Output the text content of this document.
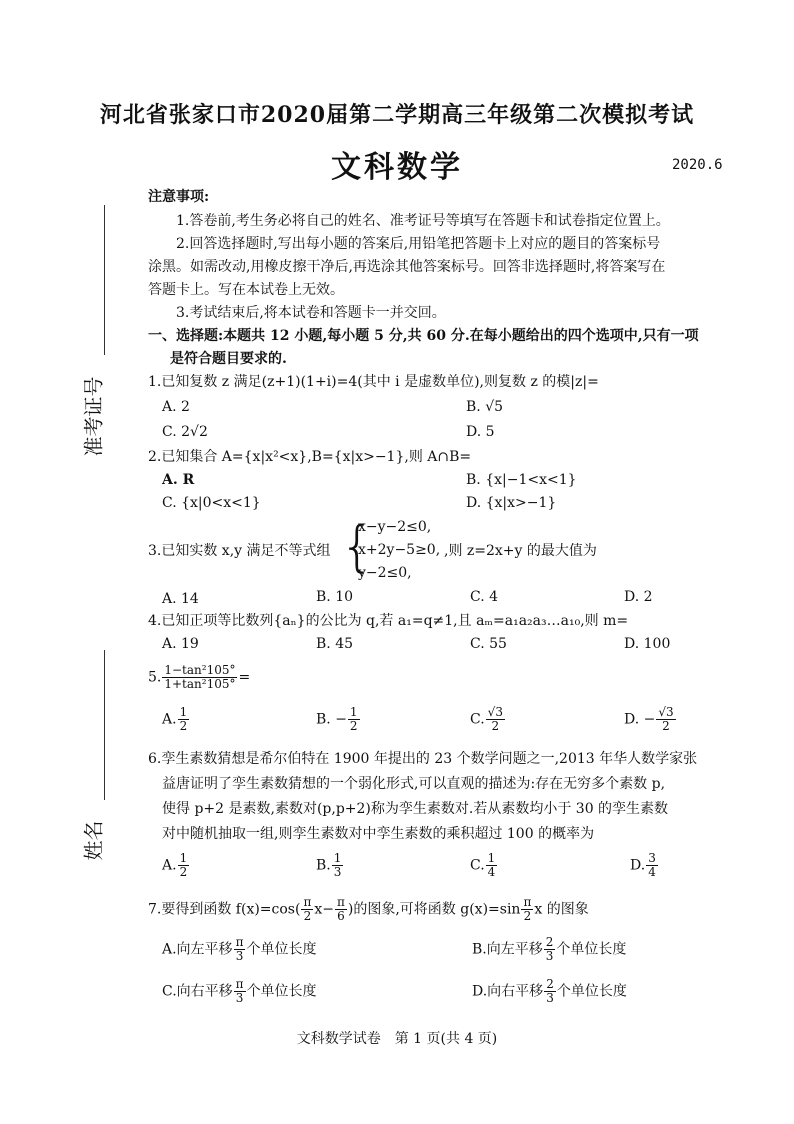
河北省张家口市2020届第二学期高三年级第二次模拟考试
文科数学	2020.6
准考证号
姓名
注意事项:
1.答卷前,考生务必将自己的姓名、准考证号等填写在答题卡和试卷指定位置上。
2.回答选择题时,写出每小题的答案后,用铅笔把答题卡上对应的题目的答案标号
涂黑。如需改动,用橡皮擦干净后,再选涂其他答案标号。回答非选择题时,将答案写在
答题卡上。写在本试卷上无效。
3.考试结束后,将本试卷和答题卡一并交回。
一、选择题:本题共 12 小题,每小题 5 分,共 60 分.在每小题给出的四个选项中,只有一项
是符合题目要求的.
1.已知复数 z 满足(z+1)(1+i)=4(其中 i 是虚数单位),则复数 z 的模|z|=
A. 2	B. √5
C. 2√2	D. 5
2.已知集合 A={x|x²<x},B={x|x>−1},则 A∩B=
A. R	B. {x|−1<x<1}
C. {x|0<x<1}	D. {x|x>−1}
3.已知实数 x,y 满足不等式组 {
x−y−2≤0,
x+2y−5≥0,
y−2≤0,
,则 z=2x+y 的最大值为
A. 14	B. 10	C. 4	D. 2
4.已知正项等比数列{aₙ}的公比为 q,若 a₁=q≠1,且 aₘ=a₁a₂a₃…a₁₀,则 m=
A. 19	B. 45	C. 55	D. 100
5. $\frac{\text{1−tan²105°}}{\text{1+tan²105°}}$ =
A. $\frac{1}{2}$	B. − $\frac{1}{2}$	C. $\frac{√3}{2}$	D. − $\frac{√3}{2}$
6.孪生素数猜想是希尔伯特在 1900 年提出的 23 个数学问题之一,2013 年华人数学家张
益唐证明了孪生素数猜想的一个弱化形式,可以直观的描述为:存在无穷多个素数 p,
使得 p+2 是素数,素数对(p,p+2)称为孪生素数对.若从素数均小于 30 的孪生素数
对中随机抽取一组,则孪生素数对中孪生素数的乘积超过 100 的概率为
A. $\frac{1}{2}$	B. $\frac{1}{3}$	C. $\frac{1}{4}$	D. $\frac{3}{4}$
7.要得到函数 $f(x)=\cos( \frac{\pi}{2} x- \frac{\pi}{6}$ )的图象,可将函数 $g(x)=\sin \frac{\pi}{2}$ x 的图象
A.向左平移 $\frac{\pi}{3}$ 个单位长度	B.向左平移 $\frac{2}{3}$ 个单位长度
C.向右平移 $\frac{\pi}{3}$ 个单位长度	D.向右平移 $\frac{2}{3}$ 个单位长度
文科数学试卷　第 1 页(共 4 页)
